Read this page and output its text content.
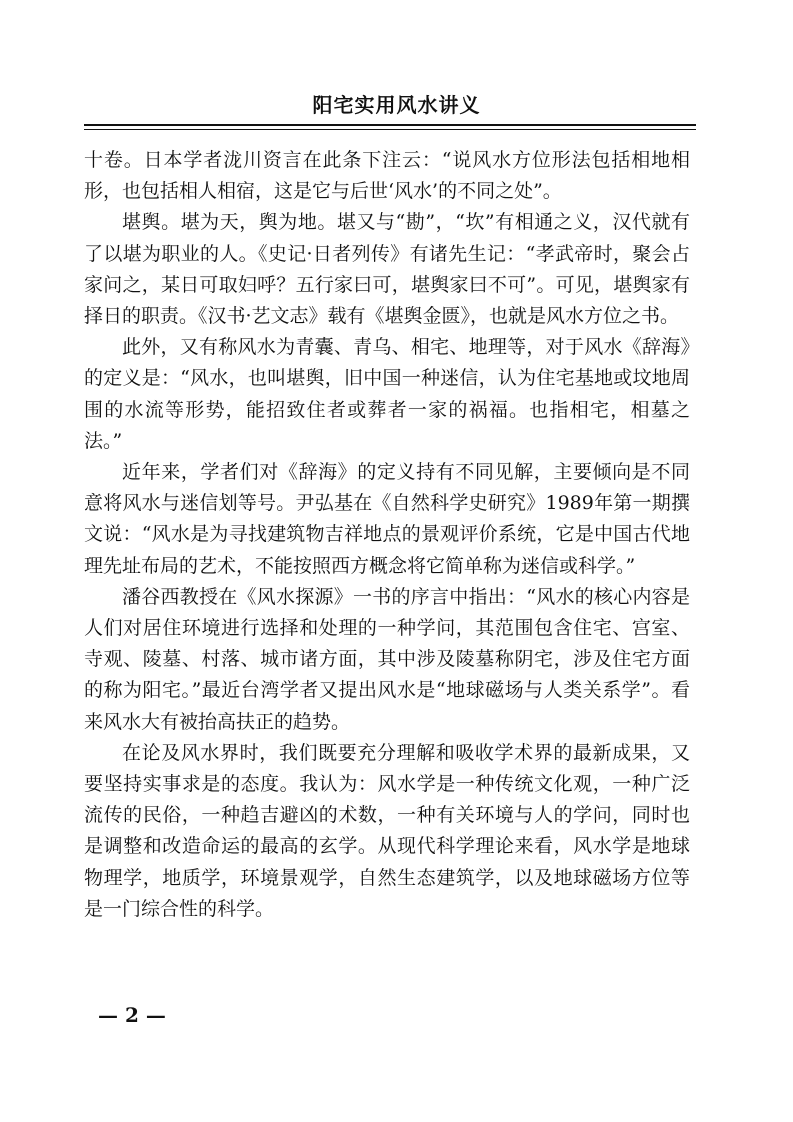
阳宅实用风水讲义

十卷。日本学者泷川资言在此条下注云：“说风水方位形法包括相地相形，也包括相人相宿，这是它与后世‘风水’的不同之处”。

堪舆。堪为天，舆为地。堪又与“勘”，“坎”有相通之义，汉代就有了以堪为职业的人。《史记·日者列传》有诸先生记：“孝武帝时，聚会占家问之，某日可取妇呼？五行家曰可，堪舆家曰不可”。可见，堪舆家有择日的职责。《汉书·艺文志》载有《堪舆金匮》，也就是风水方位之书。

此外，又有称风水为青囊、青乌、相宅、地理等，对于风水《辞海》的定义是：“风水，也叫堪舆，旧中国一种迷信，认为住宅基地或坟地周围的水流等形势，能招致住者或葬者一家的祸福。也指相宅，相墓之法。”

近年来，学者们对《辞海》的定义持有不同见解，主要倾向是不同意将风水与迷信划等号。尹弘基在《自然科学史研究》1989年第一期撰文说：“风水是为寻找建筑物吉祥地点的景观评价系统，它是中国古代地理先址布局的艺术，不能按照西方概念将它简单称为迷信或科学。”

潘谷西教授在《风水探源》一书的序言中指出：“风水的核心内容是人们对居住环境进行选择和处理的一种学问，其范围包含住宅、宫室、寺观、陵墓、村落、城市诸方面，其中涉及陵墓称阴宅，涉及住宅方面的称为阳宅。”最近台湾学者又提出风水是“地球磁场与人类关系学”。看来风水大有被抬高扶正的趋势。

在论及风水界时，我们既要充分理解和吸收学术界的最新成果，又要坚持实事求是的态度。我认为：风水学是一种传统文化观，一种广泛流传的民俗，一种趋吉避凶的术数，一种有关环境与人的学问，同时也是调整和改造命运的最高的玄学。从现代科学理论来看，风水学是地球物理学，地质学，环境景观学，自然生态建筑学，以及地球磁场方位等是一门综合性的科学。

— 2 —
